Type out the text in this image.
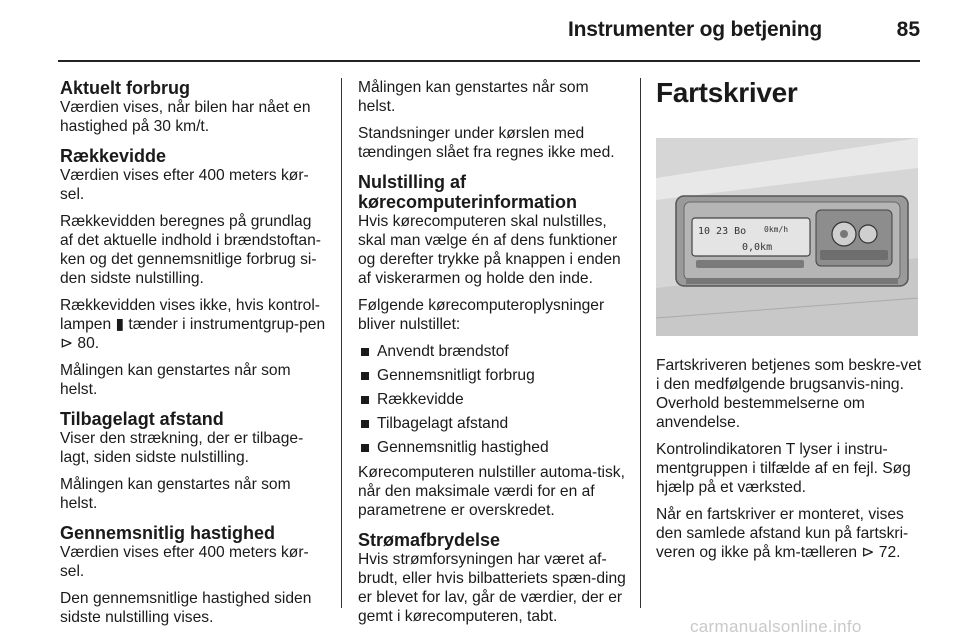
Instrumenter og betjening	85
Aktuelt forbrug

Værdien vises, når bilen har nået en hastighed på 30 km/t.

Rækkevidde

Værdien vises efter 400 meters kør-sel.

Rækkevidden beregnes på grundlag af det aktuelle indhold i brændstoftan-ken og det gennemsnitlige forbrug si-den sidste nulstilling.

Rækkevidden vises ikke, hvis kontrol-lampen ▮ tænder i instrumentgrup-pen ⊳ 80.

Målingen kan genstartes når som helst.

Tilbagelagt afstand

Viser den strækning, der er tilbage-lagt, siden sidste nulstilling.

Målingen kan genstartes når som helst.

Gennemsnitlig hastighed

Værdien vises efter 400 meters kør-sel.

Den gennemsnitlige hastighed siden sidste nulstilling vises.

Målingen kan genstartes når som helst.

Standsninger under kørslen med tændingen slået fra regnes ikke med.

Nulstilling af kørecomputerinformation

Hvis kørecomputeren skal nulstilles, skal man vælge én af dens funktioner og derefter trykke på knappen i enden af viskerarmen og holde den inde.

Følgende kørecomputeroplysninger bliver nulstillet:

Anvendt brændstof
Gennemsnitligt forbrug
Rækkevidde
Tilbagelagt afstand
Gennemsnitlig hastighed

Kørecomputeren nulstiller automa-tisk, når den maksimale værdi for en af parametrene er overskredet.

Strømafbrydelse

Hvis strømforsyningen har været af-brudt, eller hvis bilbatteriets spæn-ding er blevet for lav, går de værdier, der er gemt i kørecomputeren, tabt.

Fartskriver
10 23 Bo 0km/h
0,0km

Fartskriveren betjenes som beskre-vet i den medfølgende brugsanvis-ning. Overhold bestemmelserne om anvendelse.

Kontrolindikatoren T lyser i instru-mentgruppen i tilfælde af en fejl. Søg hjælp på et værksted.

Når en fartskriver er monteret, vises den samlede afstand kun på fartskri-veren og ikke på km-tælleren ⊳ 72.

carmanualsonline.info
